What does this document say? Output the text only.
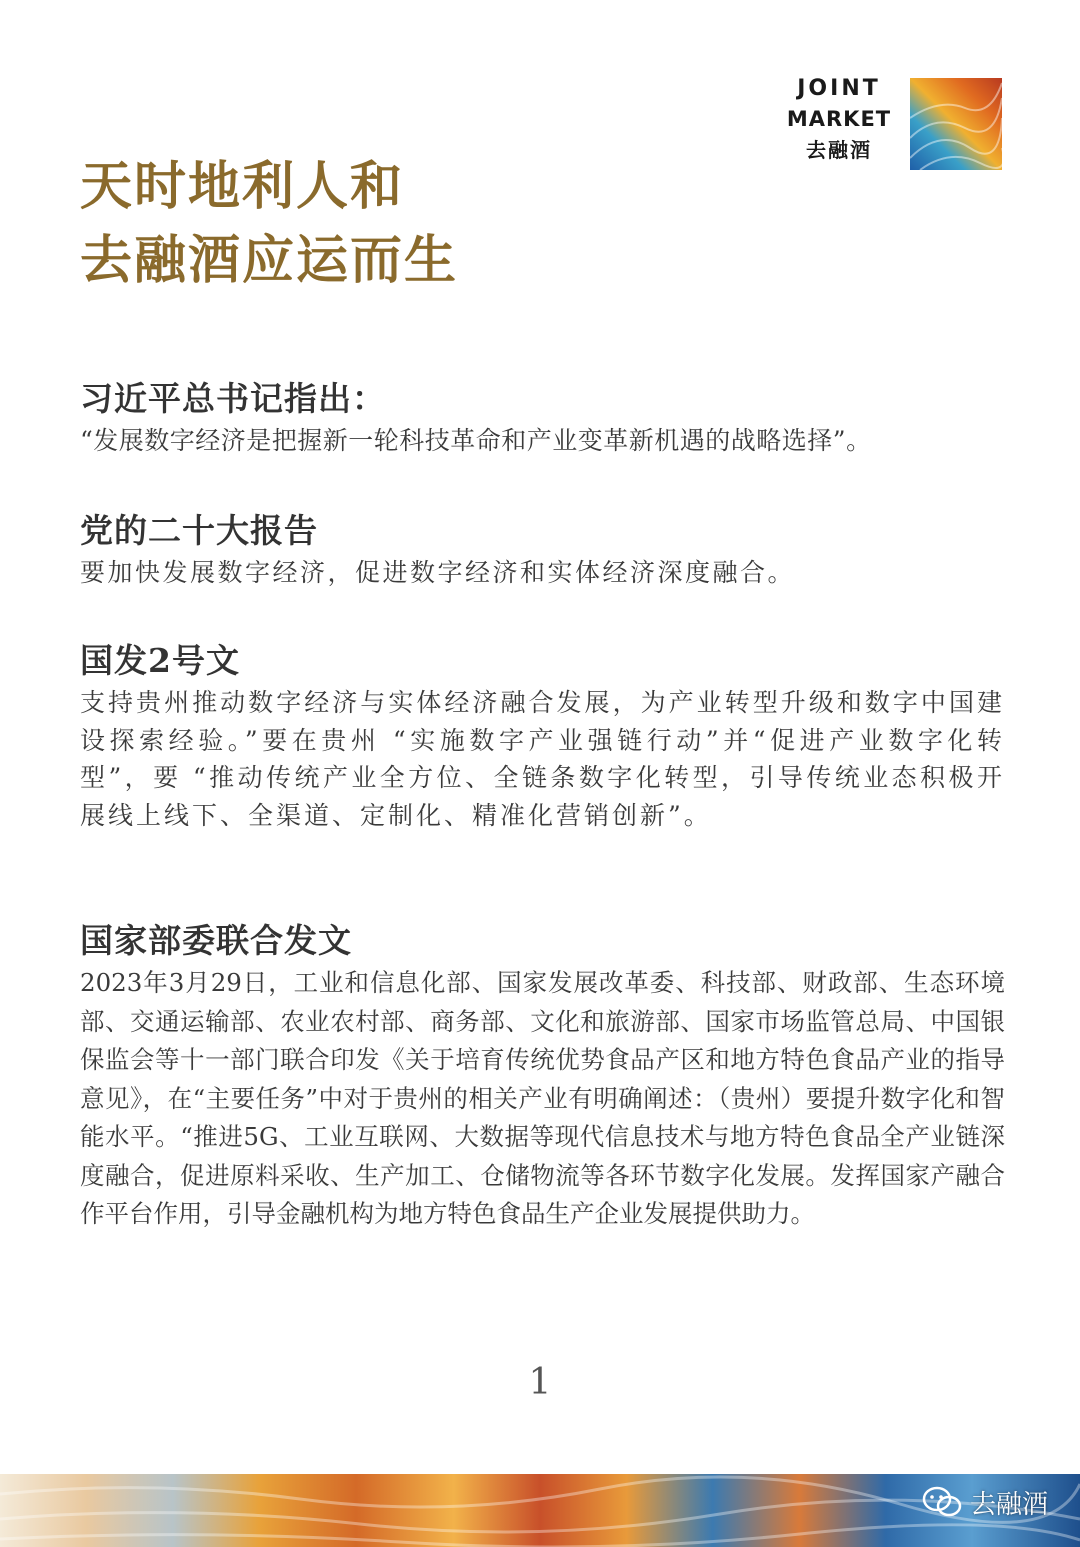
JOINT
MARKET
去融酒
天时地利人和
去融酒应运而生
习近平总书记指出：
“发展数字经济是把握新一轮科技革命和产业变革新机遇的战略选择”。
党的二十大报告
要加快发展数字经济，促进数字经济和实体经济深度融合。
国发2号文
支持贵州推动数字经济与实体经济融合发展，为产业转型升级和数字中国建设探索经验。”要在贵州 “实施数字产业强链行动”并“促进产业数字化转型”，要 “推动传统产业全方位、全链条数字化转型，引导传统业态积极开展线上线下、全渠道、定制化、精准化营销创新”。
国家部委联合发文
2023年3月29日，工业和信息化部、国家发展改革委、科技部、财政部、生态环境部、交通运输部、农业农村部、商务部、文化和旅游部、国家市场监管总局、中国银保监会等十一部门联合印发《关于培育传统优势食品产区和地方特色食品产业的指导意见》，在“主要任务”中对于贵州的相关产业有明确阐述：（贵州）要提升数字化和智能水平。“推进5G、工业互联网、大数据等现代信息技术与地方特色食品全产业链深度融合，促进原料采收、生产加工、仓储物流等各环节数字化发展。发挥国家产融合作平台作用，引导金融机构为地方特色食品生产企业发展提供助力。
1
去融酒
